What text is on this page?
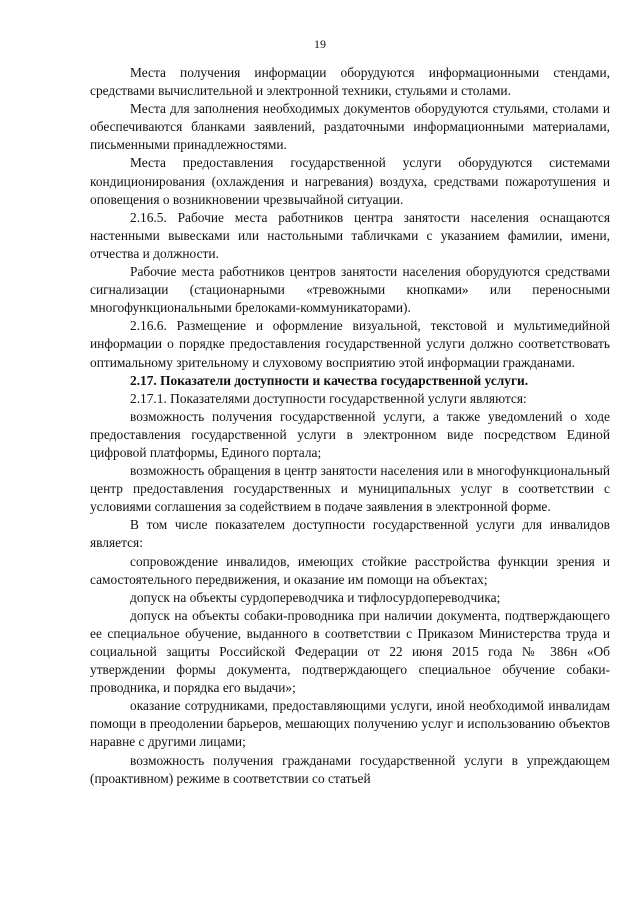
19

Места получения информации оборудуются информационными стендами, средствами вычислительной и электронной техники, стульями и столами.

Места для заполнения необходимых документов оборудуются стульями, столами и обеспечиваются бланками заявлений, раздаточными информационными материалами, письменными принадлежностями.

Места предоставления государственной услуги оборудуются системами кондиционирования (охлаждения и нагревания) воздуха, средствами пожаротушения и оповещения о возникновении чрезвычайной ситуации.

2.16.5. Рабочие места работников центра занятости населения оснащаются настенными вывесками или настольными табличками с указанием фамилии, имени, отчества и должности.

Рабочие места работников центров занятости населения оборудуются средствами сигнализации (стационарными «тревожными кнопками» или переносными многофункциональными брелоками-коммуникаторами).

2.16.6. Размещение и оформление визуальной, текстовой и мультимедийной информации о порядке предоставления государственной услуги должно соответствовать оптимальному зрительному и слуховому восприятию этой информации гражданами.

2.17. Показатели доступности и качества государственной услуги.

2.17.1. Показателями доступности государственной услуги являются:

возможность получения государственной услуги, а также уведомлений о ходе предоставления государственной услуги в электронном виде посредством Единой цифровой платформы, Единого портала;

возможность обращения в центр занятости населения или в многофункциональный центр предоставления государственных и муниципальных услуг в соответствии с условиями соглашения за содействием в подаче заявления в электронной форме.

В том числе показателем доступности государственной услуги для инвалидов является:

сопровождение инвалидов, имеющих стойкие расстройства функции зрения и самостоятельного передвижения, и оказание им помощи на объектах;

допуск на объекты сурдопереводчика и тифлосурдопереводчика;

допуск на объекты собаки-проводника при наличии документа, подтверждающего ее специальное обучение, выданного в соответствии с Приказом Министерства труда и социальной защиты Российской Федерации от 22 июня 2015 года № 386н «Об утверждении формы документа, подтверждающего специальное обучение собаки-проводника, и порядка его выдачи»;

оказание сотрудниками, предоставляющими услуги, иной необходимой инвалидам помощи в преодолении барьеров, мешающих получению услуг и использованию объектов наравне с другими лицами;

возможность получения гражданами государственной услуги в упреждающем (проактивном) режиме в соответствии со статьей
